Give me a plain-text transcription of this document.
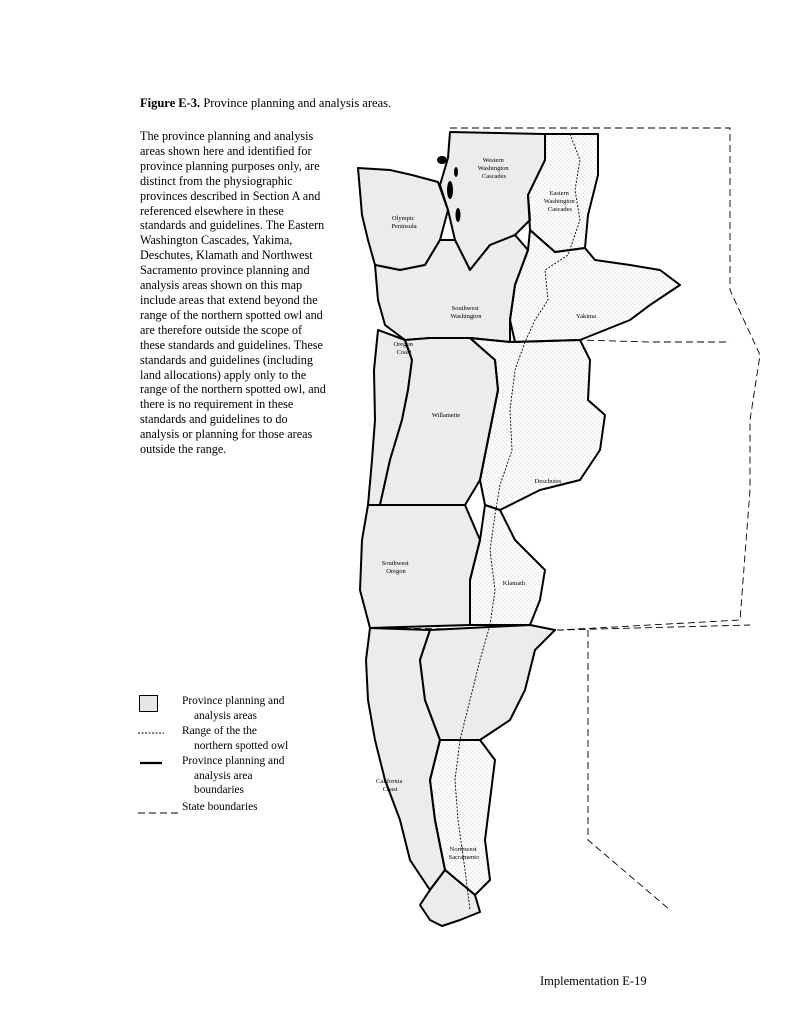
Figure E-3. Province planning and analysis areas.

The province planning and analysis areas shown here and identified for province planning purposes only, are distinct from the physiographic provinces described in Section A and referenced elsewhere in these standards and guidelines. The Eastern Washington Cascades, Yakima, Deschutes, Klamath and Northwest Sacramento province planning and analysis areas shown on this map include areas that extend beyond the range of the northern spotted owl and are therefore outside the scope of these standards and guidelines. These standards and guidelines (including land allocations) apply only to the range of the northern spotted owl, and there is no requirement in these standards and guidelines to do analysis or planning for those areas outside the range.

Province planning and
analysis areas
Range of the the
northern spotted owl
Province planning and
analysis area
boundaries
State boundaries
Western Washington Cascades
Eastern Washington Cascades
Olympic Peninsula
Southwest Washington	Yakima
Oregon Coast
Willamette
Deschutes
Southwest Oregon
Klamath
California Coast
Northwest Sacramento
Implementation E-19
